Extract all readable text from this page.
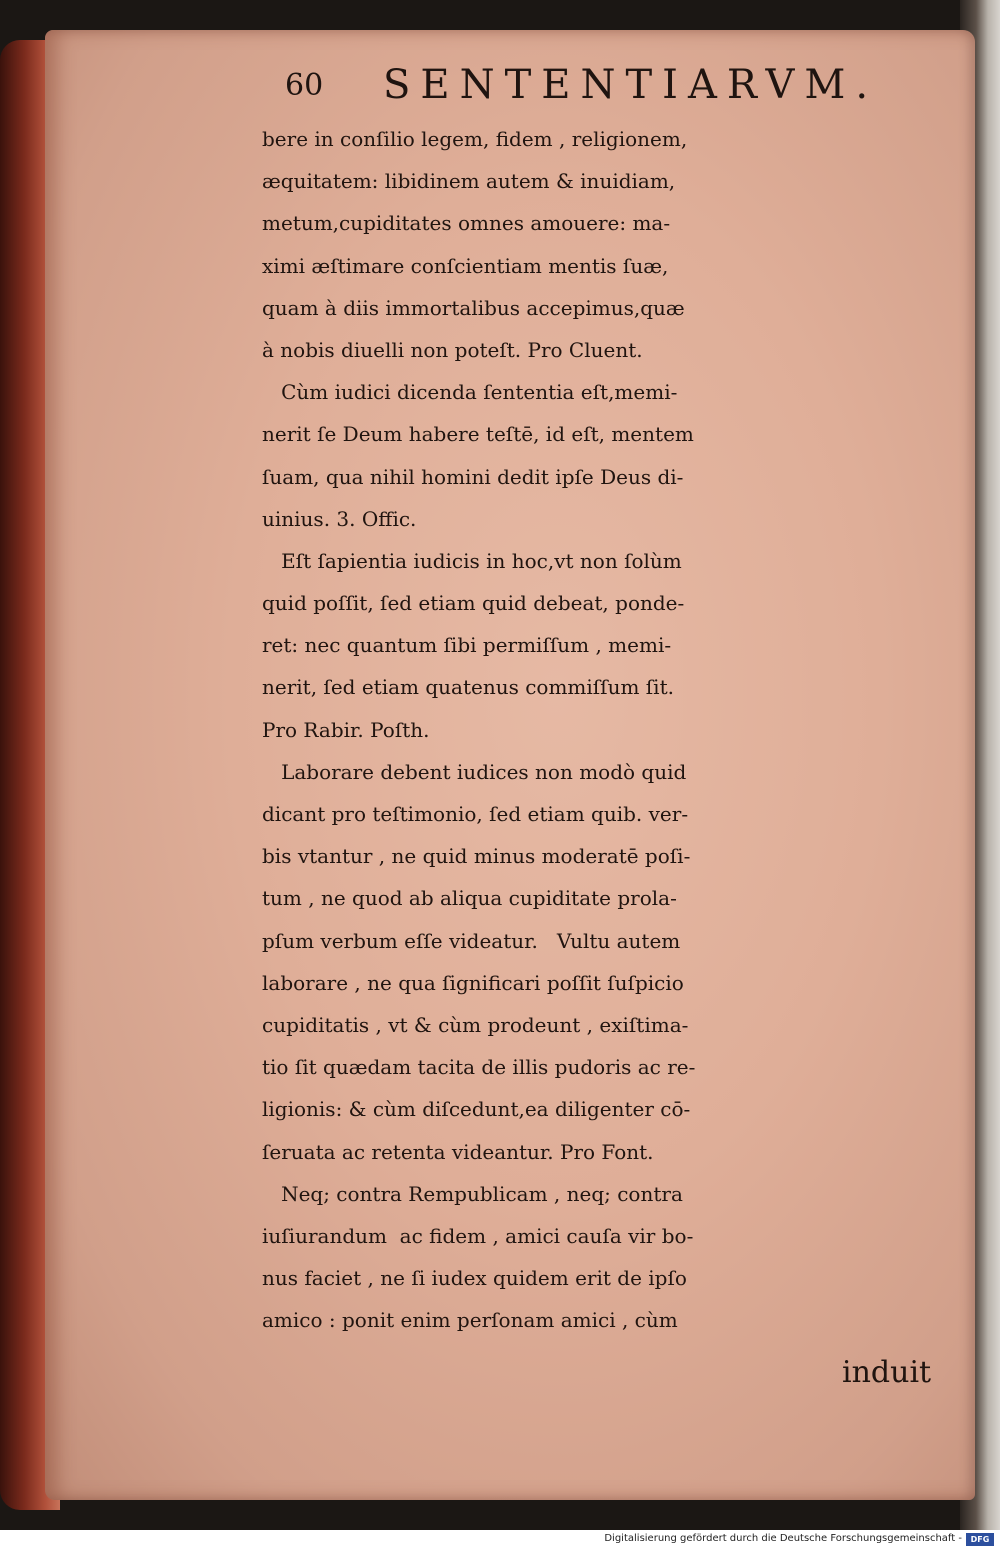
60 SENTENTIARVM.
bere in conſilio legem, fidem , religionem,
æquitatem: libidinem autem & inuidiam,
metum,cupiditates omnes amouere: ma-
ximi æſtimare conſcientiam mentis ſuæ,
quam à diis immortalibus accepimus,quæ
à nobis diuelli non poteſt. Pro Cluent.
Cùm iudici dicenda ſententia eſt,memi-
nerit ſe Deum habere teſtē, id eſt, mentem
ſuam, qua nihil homini dedit ipſe Deus di-
uinius. 3. Offic.
Eſt ſapientia iudicis in hoc,vt non ſolùm
quid poſſit, ſed etiam quid debeat, ponde-
ret: nec quantum ſibi permiſſum , memi-
nerit, ſed etiam quatenus commiſſum ſit.
Pro Rabir. Poſth.
Laborare debent iudices non modò quid
dicant pro teſtimonio, ſed etiam quib. ver-
bis vtantur , ne quid minus moderatē poſi-
tum , ne quod ab aliqua cupiditate prola-
pſum verbum eſſe videatur.   Vultu autem
laborare , ne qua ſignificari poſſit ſuſpicio
cupiditatis , vt & cùm prodeunt , exiſtima-
tio ſit quædam tacita de illis pudoris ac re-
ligionis: & cùm diſcedunt,ea diligenter cō-
ſeruata ac retenta videantur. Pro Font.
Neq; contra Rempublicam , neq; contra
iuſiurandum  ac fidem , amici cauſa vir bo-
nus faciet , ne ſi iudex quidem erit de ipſo
amico : ponit enim perſonam amici , cùm
induit
Digitalisierung gefördert durch die Deutsche Forschungsgemeinschaft -	DFG
